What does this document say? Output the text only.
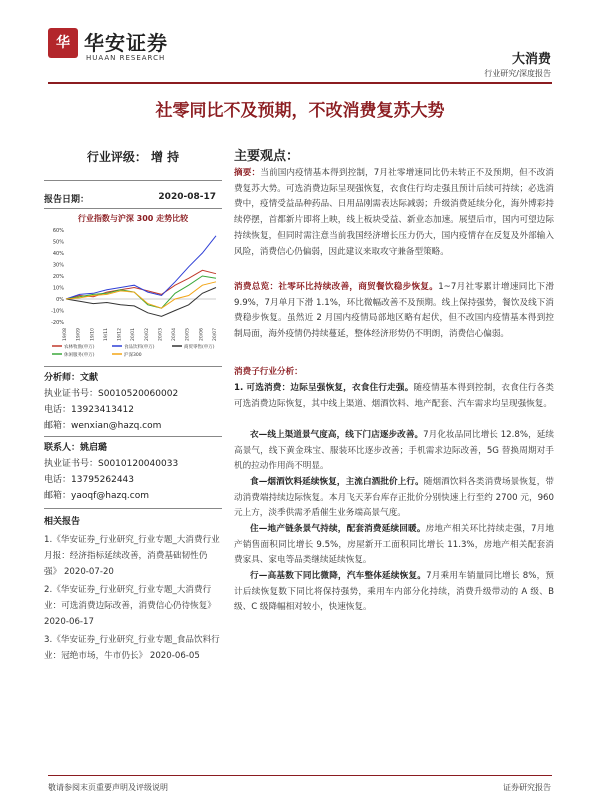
华 华安证券
HUAAN RESEARCH	大消费
行业研究/深度报告
社零同比不及预期，不改消费复苏大势
行业评级： 增 持
报告日期：	2020-08-17
行业指数与沪深 300 走势比较
60%
50%
40%
30%
20%
10%
0%
-10%
-20%
19/08 19/09 19/10 19/11 19/12 20/01 20/02 20/03 20/04 20/05 20/06 20/07
农林牧渔(申万)	食品饮料(申万)	商贸零售(申万)
休闲服务(申万)	沪深300
分析师：文献
执业证书号：S0010520060002
电话：13923413412
邮箱：wenxian@hazq.com
联系人：姚启璐
执业证书号：S0010120040033
电话：13795262443
邮箱：yaoqf@hazq.com
相关报告
1.《华安证券_行业研究_行业专题_大消费行业月报：经济指标延续改善，消费基础韧性仍强》 2020-07-20
2.《华安证券_行业研究_行业专题_大消费行业：可选消费边际改善，消费信心仍待恢复》 2020-06-17
3.《华安证券_行业研究_行业专题_食品饮料行业：冠绝市场，牛市仍长》 2020-06-05
主要观点：
摘要：当前国内疫情基本得到控制，7月社零增速同比仍未转正不及预期，但不改消费复苏大势。可选消费边际呈现强恢复，衣食住行均走强且预计后续可持续；必选消费中，疫情受益品种药品、日用品刚需表达际减弱；升级消费延续分化，海外博彩持续停摆，首都新片即将上映，线上板块受益、新业态加速。展望后市，国内可望边际持续恢复，但同时需注意当前我国经济增长压力仍大，国内疫情存在反复及外部输入风险，消费信心仍偏弱，因此建议来取攻守兼备型策略。
消费总览：社零环比持续改善，商贸餐饮稳步恢复。1~7月社零累计增速同比下滑 9.9%，7月单月下滑 1.1%，环比微幅改善不及预期。线上保持强势，餐饮及线下消费稳步恢复。虽然近 2 月国内疫情局部地区略有起伏，但不改国内疫情基本得到控制局面，海外疫情仍持续蔓延，整体经济形势仍不明朗，消费信心偏弱。
消费子行业分析：
1. 可选消费：边际呈强恢复，衣食住行走强。随疫情基本得到控制，衣食住行各类可选消费边际恢复，其中线上渠道、烟酒饮料、地产配套、汽车需求均呈现强恢复。
衣—线上渠道景气度高，线下门店逐步改善。7月化妆品同比增长 12.8%，延续高景气，线下黄金珠宝、服装环比逐步改善；手机需求边际改善，5G 替换周期对手机的拉动作用尚不明显。
食—烟酒饮料延续恢复，主流白酒批价上行。随烟酒饮料各类消费场景恢复，带动消费端持续边际恢复。本月飞天茅台库存正批价分别快速上行至约 2700 元，960 元上方，淡季供需矛盾催生业务端高景气度。
住—地产链条景气持续，配套消费延续回暖。房地产相关环比持续走强，7月地产销售面积同比增长 9.5%，房屋新开工面积同比增长 11.3%，房地产相关配套消费家具、家电等品类继续延续恢复。
行—高基数下同比微降，汽车整体延续恢复。7月乘用车销量同比增长 8%，预计后续恢复数下同比将保持强势，乘用车内部分化持续，消费升级带动的 A 级、B 级、C 级降幅相对较小，快速恢复。
敬请参阅末页重要声明及评级说明	证券研究报告
